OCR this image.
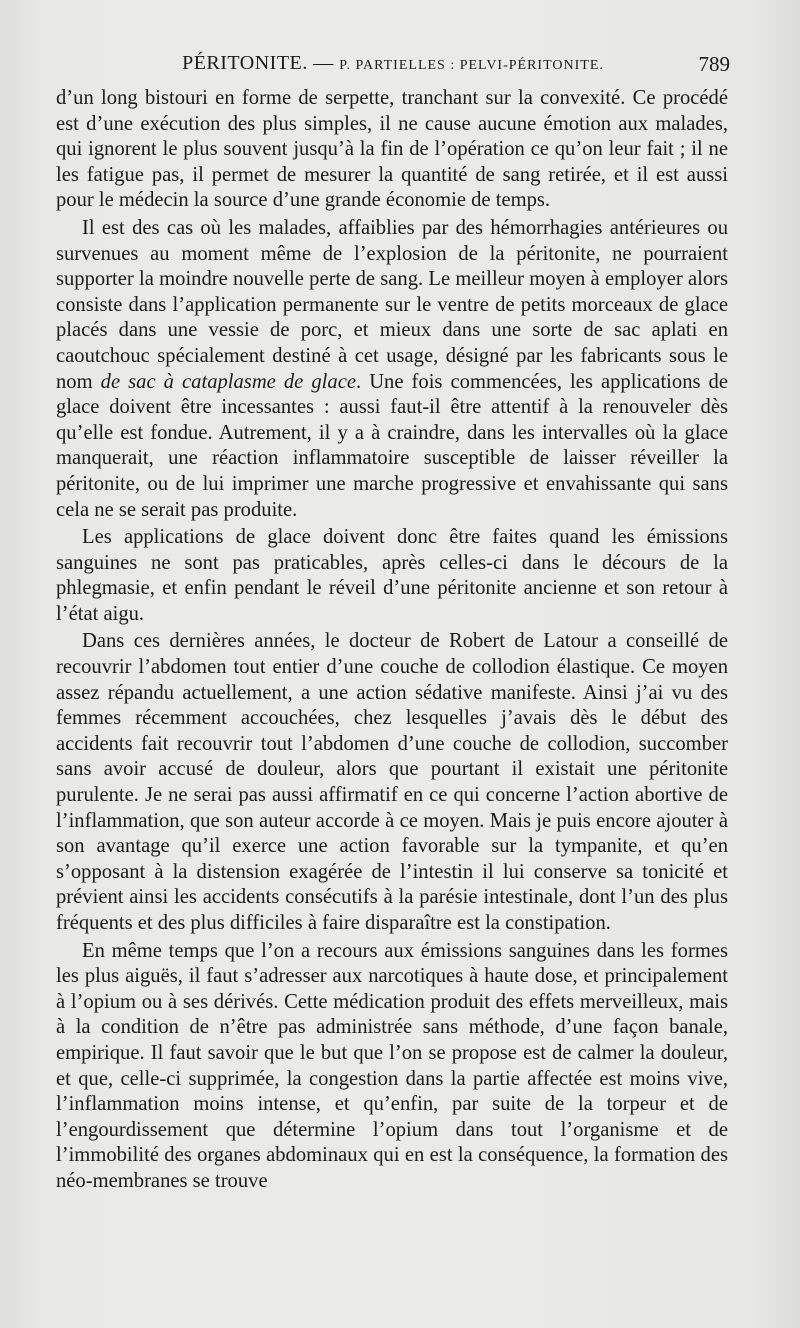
PÉRITONITE. — P. PARTIELLES : PELVI-PÉRITONITE.	789

d’un long bistouri en forme de serpette, tranchant sur la convexité. Ce procédé est d’une exécution des plus simples, il ne cause aucune émotion aux malades, qui ignorent le plus souvent jusqu’à la fin de l’opération ce qu’on leur fait ; il ne les fatigue pas, il permet de mesurer la quantité de sang retirée, et il est aussi pour le médecin la source d’une grande économie de temps.

Il est des cas où les malades, affaiblies par des hémorrhagies antérieures ou survenues au moment même de l’explosion de la péritonite, ne pourraient supporter la moindre nouvelle perte de sang. Le meilleur moyen à employer alors consiste dans l’application permanente sur le ventre de petits morceaux de glace placés dans une vessie de porc, et mieux dans une sorte de sac aplati en caoutchouc spécialement destiné à cet usage, désigné par les fabricants sous le nom de sac à cataplasme de glace. Une fois commencées, les applications de glace doivent être incessantes : aussi faut-il être attentif à la renouveler dès qu’elle est fondue. Autrement, il y a à craindre, dans les intervalles où la glace manquerait, une réaction inflammatoire susceptible de laisser réveiller la péritonite, ou de lui imprimer une marche progressive et envahissante qui sans cela ne se serait pas produite.

Les applications de glace doivent donc être faites quand les émissions sanguines ne sont pas praticables, après celles-ci dans le décours de la phlegmasie, et enfin pendant le réveil d’une péritonite ancienne et son retour à l’état aigu.

Dans ces dernières années, le docteur de Robert de Latour a conseillé de recouvrir l’abdomen tout entier d’une couche de collodion élastique. Ce moyen assez répandu actuellement, a une action sédative manifeste. Ainsi j’ai vu des femmes récemment accouchées, chez lesquelles j’avais dès le début des accidents fait recouvrir tout l’abdomen d’une couche de collodion, succomber sans avoir accusé de douleur, alors que pourtant il existait une péritonite purulente. Je ne serai pas aussi affirmatif en ce qui concerne l’action abortive de l’inflammation, que son auteur accorde à ce moyen. Mais je puis encore ajouter à son avantage qu’il exerce une action favorable sur la tympanite, et qu’en s’opposant à la distension exagérée de l’intestin il lui conserve sa tonicité et prévient ainsi les accidents consécutifs à la parésie intestinale, dont l’un des plus fréquents et des plus difficiles à faire disparaître est la constipation.

En même temps que l’on a recours aux émissions sanguines dans les formes les plus aiguës, il faut s’adresser aux narcotiques à haute dose, et principalement à l’opium ou à ses dérivés. Cette médication produit des effets merveilleux, mais à la condition de n’être pas administrée sans méthode, d’une façon banale, empirique. Il faut savoir que le but que l’on se propose est de calmer la douleur, et que, celle-ci supprimée, la congestion dans la partie affectée est moins vive, l’inflammation moins intense, et qu’enfin, par suite de la torpeur et de l’engourdissement que détermine l’opium dans tout l’organisme et de l’immobilité des organes abdominaux qui en est la conséquence, la formation des néo-membranes se trouve
